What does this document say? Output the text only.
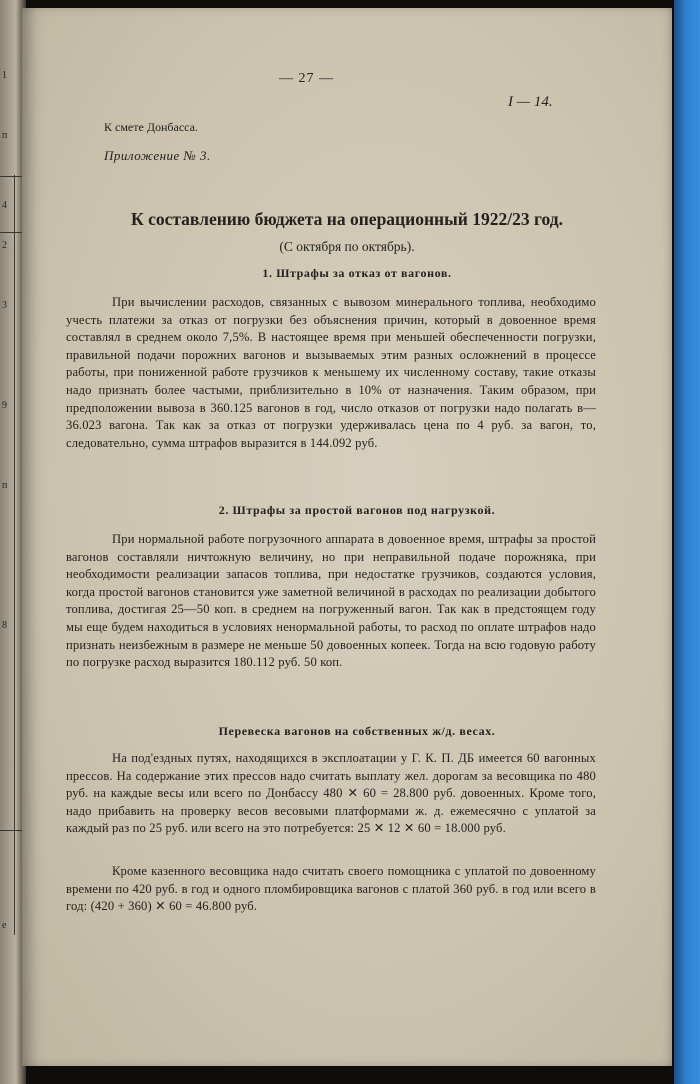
1
п
4
2
3
9
п
8
е

— 27 —

I — 14.

К смете Донбасса.

Приложение № 3.

К составлению бюджета на операционный 1922/23 год.

(С октября по октябрь).

1. Штрафы за отказ от вагонов.

При вычислении расходов, связанных с вывозом минерального топлива, необходимо учесть платежи за отказ от погрузки без объяснения причин, который в довоенное время составлял в среднем около 7,5%. В настоящее время при меньшей обеспеченности погрузки, правильной подачи порожних вагонов и вызываемых этим разных осложнений в процессе работы, при пониженной работе грузчиков к меньшему их численному составу, такие отказы надо признать более частыми, приблизительно в 10% от назначения. Таким образом, при предположении вывоза в 360.125 вагонов в год, число отказов от погрузки надо полагать в—36.023 вагона. Так как за отказ от погрузки удерживалась цена по 4 руб. за вагон, то, следовательно, сумма штрафов выразится в 144.092 руб.

2. Штрафы за простой вагонов под нагрузкой.

При нормальной работе погрузочного аппарата в довоенное время, штрафы за простой вагонов составляли ничтожную величину, но при неправильной подаче порожняка, при необходимости реализации запасов топлива, при недостатке грузчиков, создаются условия, когда простой вагонов становится уже заметной величиной в расходах по реализации добытого топлива, достигая 25—50 коп. в среднем на погруженный вагон. Так как в предстоящем году мы еще будем находиться в условиях ненормальной работы, то расход по оплате штрафов надо признать неизбежным в размере не меньше 50 довоенных копеек. Тогда на всю годовую работу по погрузке расход выразится 180.112 руб. 50 коп.

Перевеска вагонов на собственных ж/д. весах.

На под'ездных путях, находящихся в эксплоатации у Г. К. П. ДБ имеется 60 вагонных прессов. На содержание этих прессов надо считать выплату жел. дорогам за весовщика по 480 руб. на каждые весы или всего по Донбассу 480 ✕ 60 = 28.800 руб. довоенных. Кроме того, надо прибавить на проверку весов весовыми платформами ж. д. ежемесячно с уплатой за каждый раз по 25 руб. или всего на это потребуется: 25 ✕ 12 ✕ 60 = 18.000 руб.

Кроме казенного весовщика надо считать своего помощника с уплатой по довоенному времени по 420 руб. в год и одного пломбировщика вагонов с платой 360 руб. в год или всего в год: (420 + 360) ✕ 60 = 46.800 руб.
